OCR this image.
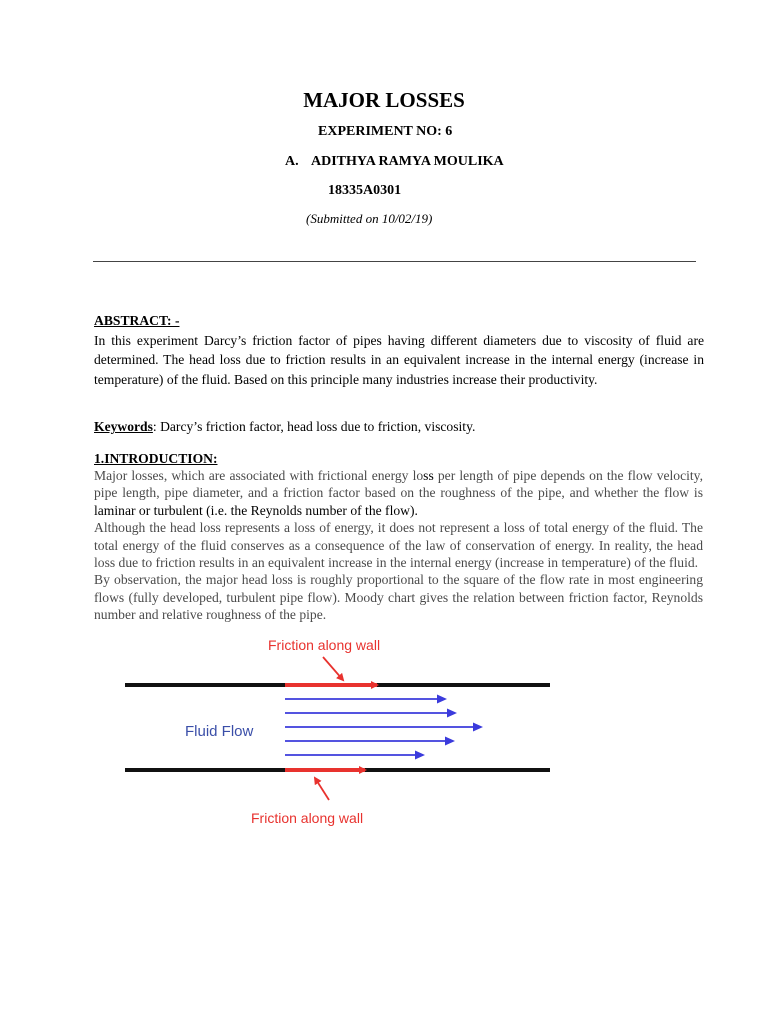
MAJOR LOSSES
EXPERIMENT NO: 6
A. ADITHYA RAMYA MOULIKA
18335A0301
(Submitted on 10/02/19)
ABSTRACT: -
In this experiment Darcy’s friction factor of pipes having different diameters due to viscosity of fluid are determined. The head loss due to friction results in an equivalent increase in the internal energy (increase in temperature) of the fluid. Based on this principle many industries increase their productivity.
Keywords: Darcy’s friction factor, head loss due to friction, viscosity.
1.INTRODUCTION:
Major losses, which are associated with frictional energy loss per length of pipe depends on the flow velocity, pipe length, pipe diameter, and a friction factor based on the roughness of the pipe, and whether the flow is laminar or turbulent (i.e. the Reynolds number of the flow).
Although the head loss represents a loss of energy, it does not represent a loss of total energy of the fluid. The total energy of the fluid conserves as a consequence of the law of conservation of energy. In reality, the head loss due to friction results in an equivalent increase in the internal energy (increase in temperature) of the fluid.
By observation, the major head loss is roughly proportional to the square of the flow rate in most engineering flows (fully developed, turbulent pipe flow). Moody chart gives the relation between friction factor, Reynolds number and relative roughness of the pipe.
Friction along wall
Fluid Flow
Friction along wall
